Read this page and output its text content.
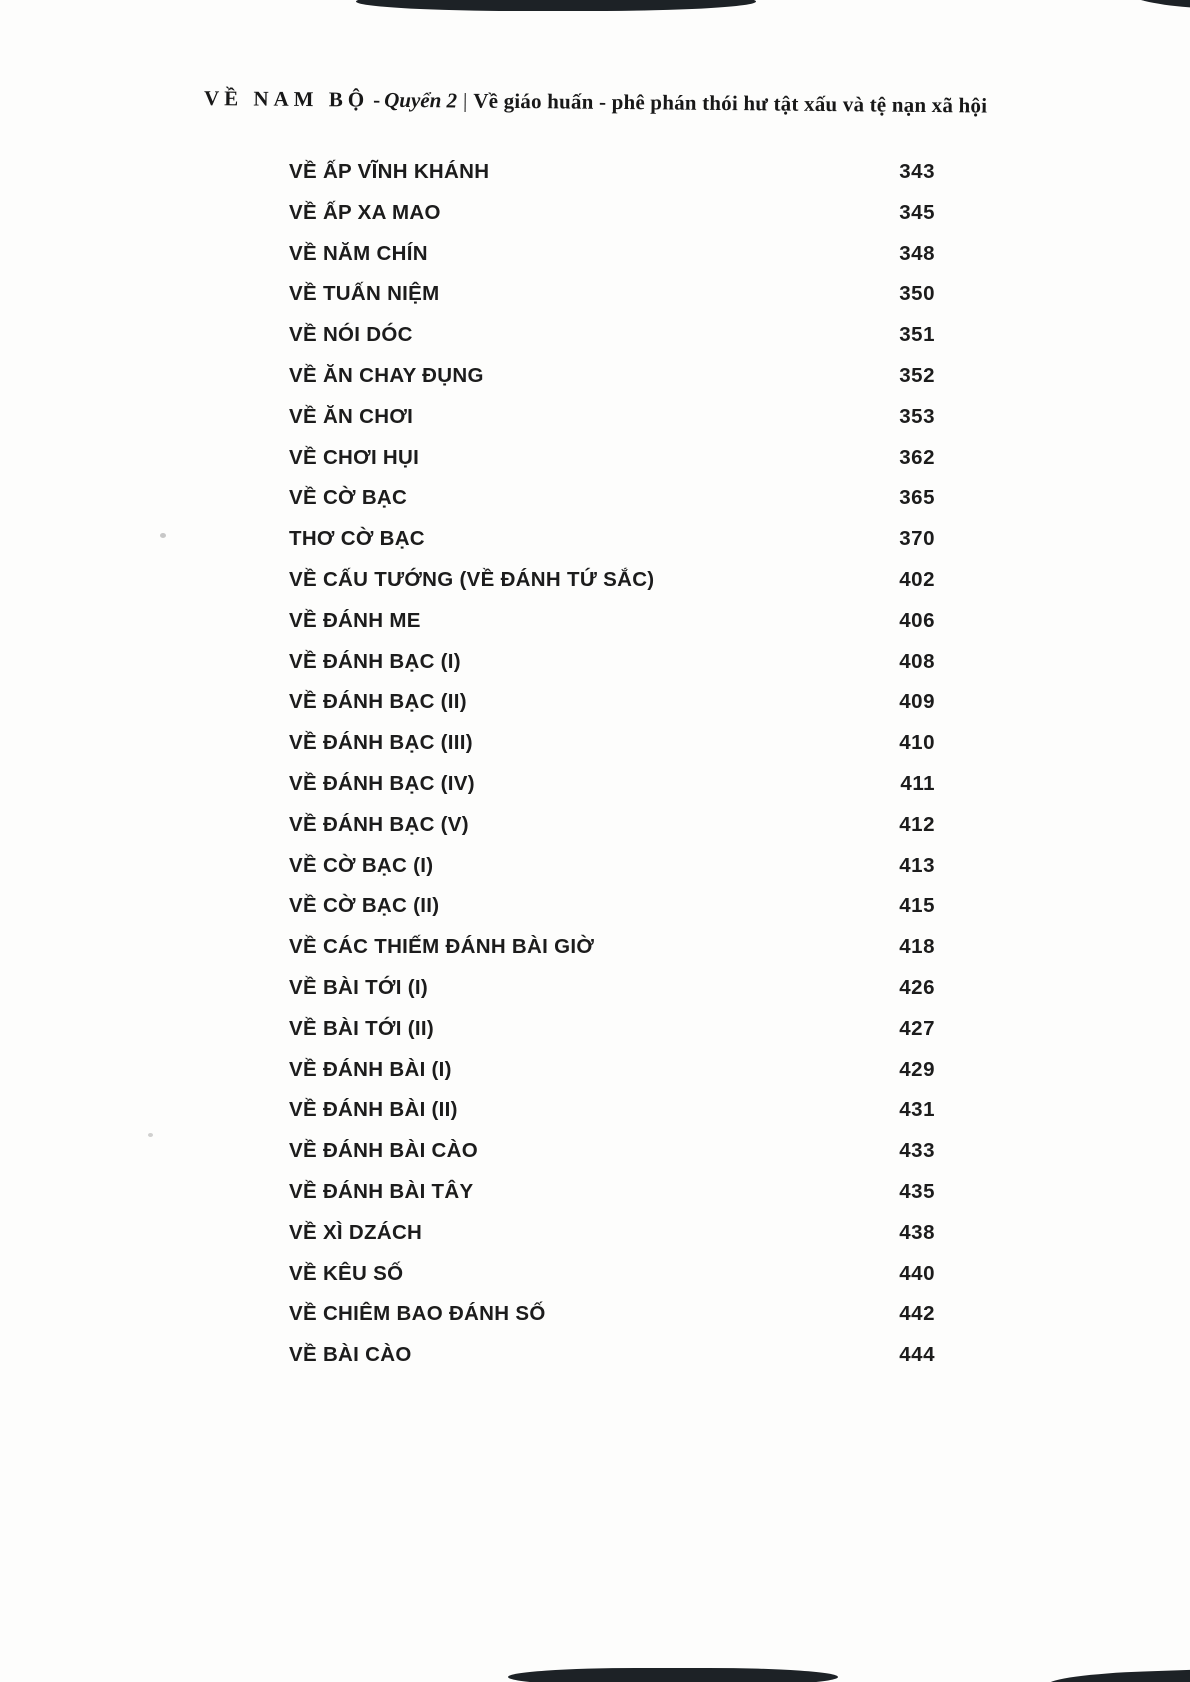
VỀ NAM BỘ - Quyển 2 | Về giáo huấn - phê phán thói hư tật xấu và tệ nạn xã hội
VỀ ẤP VĨNH KHÁNH	343
VỀ ẤP XA MAO	345
VỀ NĂM CHÍN	348
VỀ TUẤN NIỆM	350
VỀ NÓI DÓC	351
VỀ ĂN CHAY ĐỤNG	352
VỀ ĂN CHƠI	353
VỀ CHƠI HỤI	362
VỀ CỜ BẠC	365
THƠ CỜ BẠC	370
VỀ CẤU TƯỚNG (VỀ ĐÁNH TỨ SẮC)	402
VỀ ĐÁNH ME	406
VỀ ĐÁNH BẠC (I)	408
VỀ ĐÁNH BẠC (II)	409
VỀ ĐÁNH BẠC (III)	410
VỀ ĐÁNH BẠC (IV)	411
VỀ ĐÁNH BẠC (V)	412
VỀ CỜ BẠC (I)	413
VỀ CỜ BẠC (II)	415
VỀ CÁC THIẾM ĐÁNH BÀI GIỜ	418
VỀ BÀI TỚI (I)	426
VỀ BÀI TỚI (II)	427
VỀ ĐÁNH BÀI (I)	429
VỀ ĐÁNH BÀI (II)	431
VỀ ĐÁNH BÀI CÀO	433
VỀ ĐÁNH BÀI TÂY	435
VỀ XÌ DZÁCH	438
VỀ KÊU SỐ	440
VỀ CHIÊM BAO ĐÁNH SỐ	442
VỀ BÀI CÀO	444
